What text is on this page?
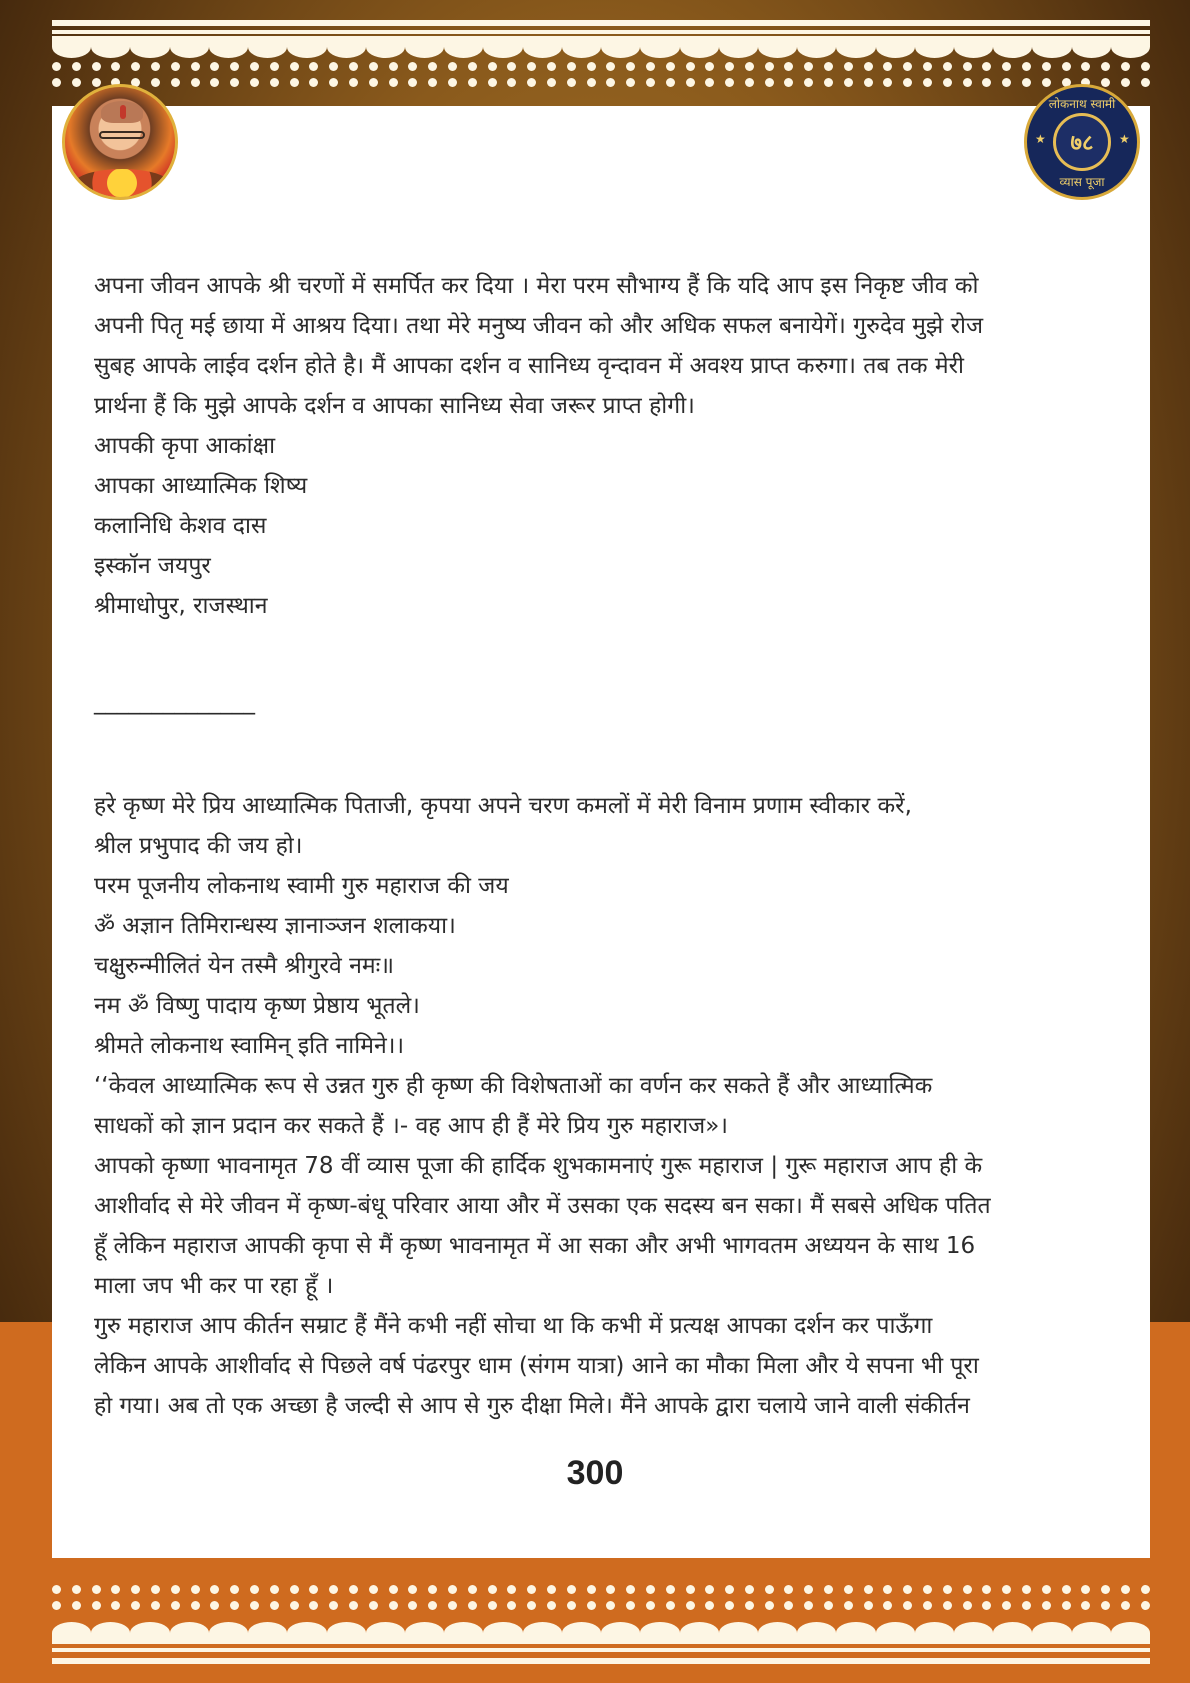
लोकनाथ स्वामी
★	७८	★
व्यास पूजा

अपना जीवन आपके श्री चरणों में समर्पित कर दिया । मेरा परम सौभाग्य हैं कि यदि आप इस निकृष्ट जीव को

अपनी पितृ मई छाया में आश्रय दिया। तथा मेरे मनुष्य जीवन को और अधिक सफल बनायेगें। गुरुदेव मुझे रोज

सुबह आपके लाईव दर्शन होते है। मैं आपका दर्शन व सानिध्य वृन्दावन में अवश्य प्राप्त करुगा। तब तक मेरी

प्रार्थना हैं कि मुझे आपके दर्शन व आपका सानिध्य सेवा जरूर प्राप्त होगी।

आपकी कृपा आकांक्षा

आपका आध्यात्मिक शिष्य

कलानिधि केशव दास

इस्कॉन जयपुर

श्रीमाधोपुर, राजस्थान

______________

हरे कृष्ण मेरे प्रिय आध्यात्मिक पिताजी, कृपया अपने चरण कमलों में मेरी विनाम प्रणाम स्वीकार करें,

श्रील प्रभुपाद की जय हो।

परम पूजनीय लोकनाथ स्वामी गुरु महाराज की जय

ॐ अज्ञान तिमिरान्धस्य ज्ञानाञ्जन शलाकया।

चक्षुरुन्मीलितं येन तस्मै श्रीगुरवे नमः॥

नम ॐ विष्णु पादाय कृष्ण प्रेष्ठाय भूतले।

श्रीमते लोकनाथ स्वामिन् इति नामिने।।

‘‘केवल आध्यात्मिक रूप से उन्नत गुरु ही कृष्ण की विशेषताओं का वर्णन कर सकते हैं और आध्यात्मिक

साधकों को ज्ञान प्रदान कर सकते हैं ।- वह आप ही हैं मेरे प्रिय गुरु महाराज»।

आपको कृष्णा भावनामृत 78 वीं व्यास पूजा की हार्दिक शुभकामनाएं गुरू महाराज | गुरू महाराज आप ही के

आशीर्वाद से मेरे जीवन में कृष्ण-बंधू परिवार आया और में उसका एक सदस्य बन सका। मैं सबसे अधिक पतित

हूँ लेकिन महाराज आपकी कृपा से मैं कृष्ण भावनामृत में आ सका और अभी भागवतम अध्ययन के साथ 16

माला जप भी कर पा रहा हूँ ।

गुरु महाराज आप कीर्तन सम्राट हैं मैंने कभी नहीं सोचा था कि कभी में प्रत्यक्ष आपका दर्शन कर पाऊँगा

लेकिन आपके आशीर्वाद से पिछले वर्ष पंढरपुर धाम (संगम यात्रा) आने का मौका मिला और ये सपना भी पूरा

हो गया। अब तो एक अच्छा है जल्दी से आप से गुरु दीक्षा मिले। मैंने आपके द्वारा चलाये जाने वाली संकीर्तन

300
